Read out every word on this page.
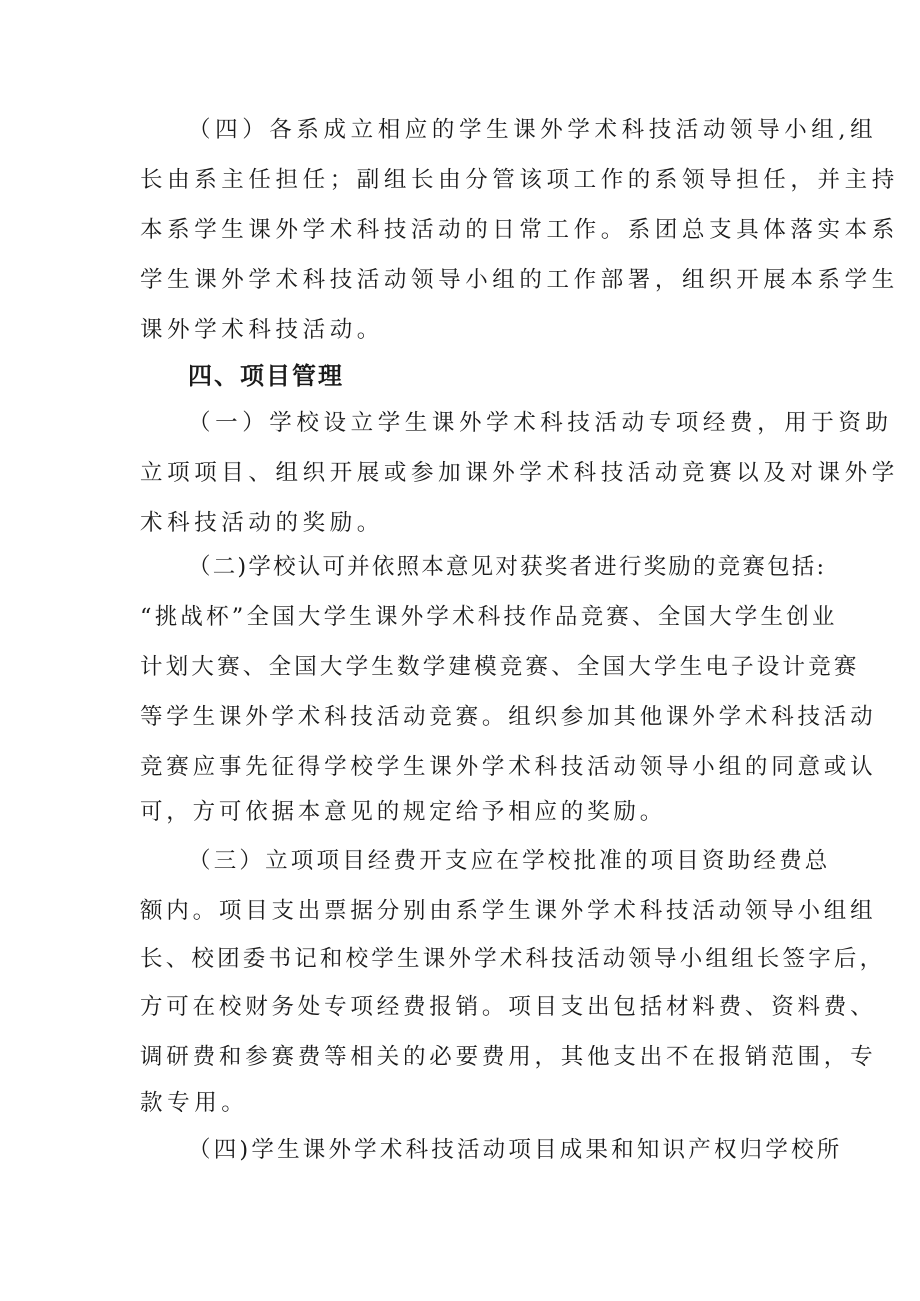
（四）各系成立相应的学生课外学术科技活动领导小组,组
长由系主任担任；副组长由分管该项工作的系领导担任，并主持
本系学生课外学术科技活动的日常工作。系团总支具体落实本系
学生课外学术科技活动领导小组的工作部署，组织开展本系学生
课外学术科技活动。
四、项目管理
（一）学校设立学生课外学术科技活动专项经费，用于资助
立项项目、组织开展或参加课外学术科技活动竞赛以及对课外学
术科技活动的奖励。
（二)学校认可并依照本意见对获奖者进行奖励的竞赛包括:
“挑战杯”全国大学生课外学术科技作品竞赛、全国大学生创业
计划大赛、全国大学生数学建模竞赛、全国大学生电子设计竞赛
等学生课外学术科技活动竞赛。组织参加其他课外学术科技活动
竞赛应事先征得学校学生课外学术科技活动领导小组的同意或认
可，方可依据本意见的规定给予相应的奖励。
（三）立项项目经费开支应在学校批准的项目资助经费总
额内。项目支出票据分别由系学生课外学术科技活动领导小组组
长、校团委书记和校学生课外学术科技活动领导小组组长签字后，
方可在校财务处专项经费报销。项目支出包括材料费、资料费、
调研费和参赛费等相关的必要费用，其他支出不在报销范围，专
款专用。
（四)学生课外学术科技活动项目成果和知识产权归学校所
